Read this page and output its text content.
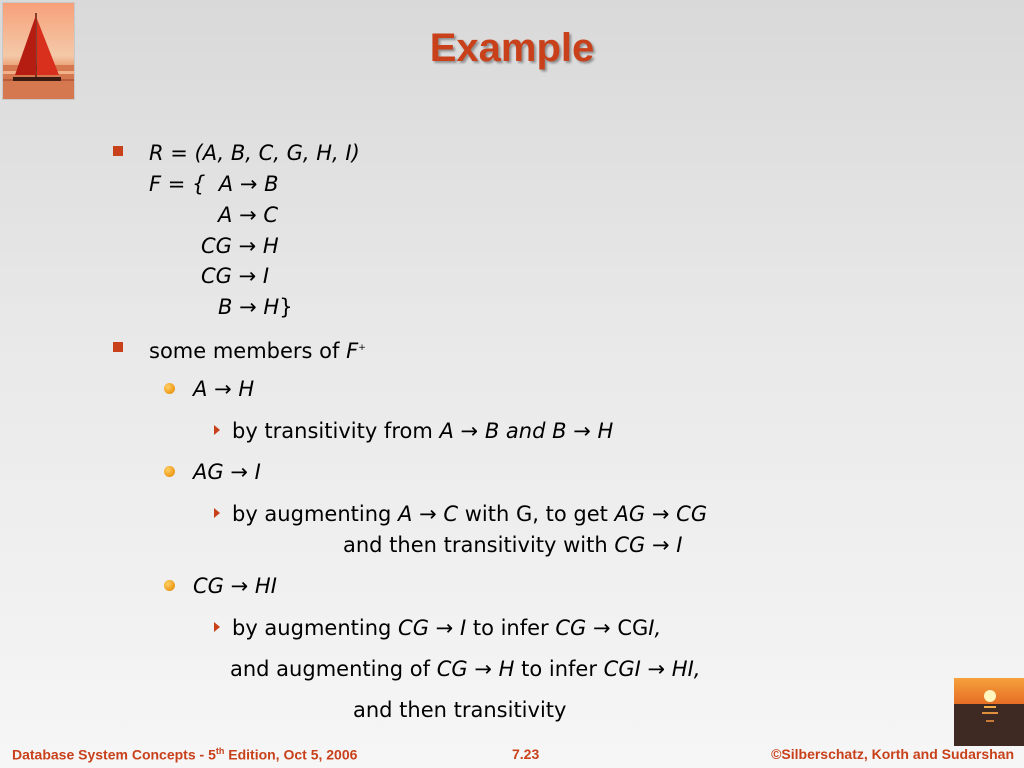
Example
R = (A, B, C, G, H, I)
F = { A → B
A → C
CG → H
CG → I
B → H}
some members of F+
A → H
by transitivity from A → B and B → H
AG → I
by augmenting A → C with G, to get AG → CG
and then transitivity with CG → I
CG → HI
by augmenting CG → I to infer CG → CGI,
and augmenting of CG → H to infer CGI → HI,
and then transitivity
Database System Concepts - 5th Edition, Oct 5, 2006	7.23	©Silberschatz, Korth and Sudarshan
